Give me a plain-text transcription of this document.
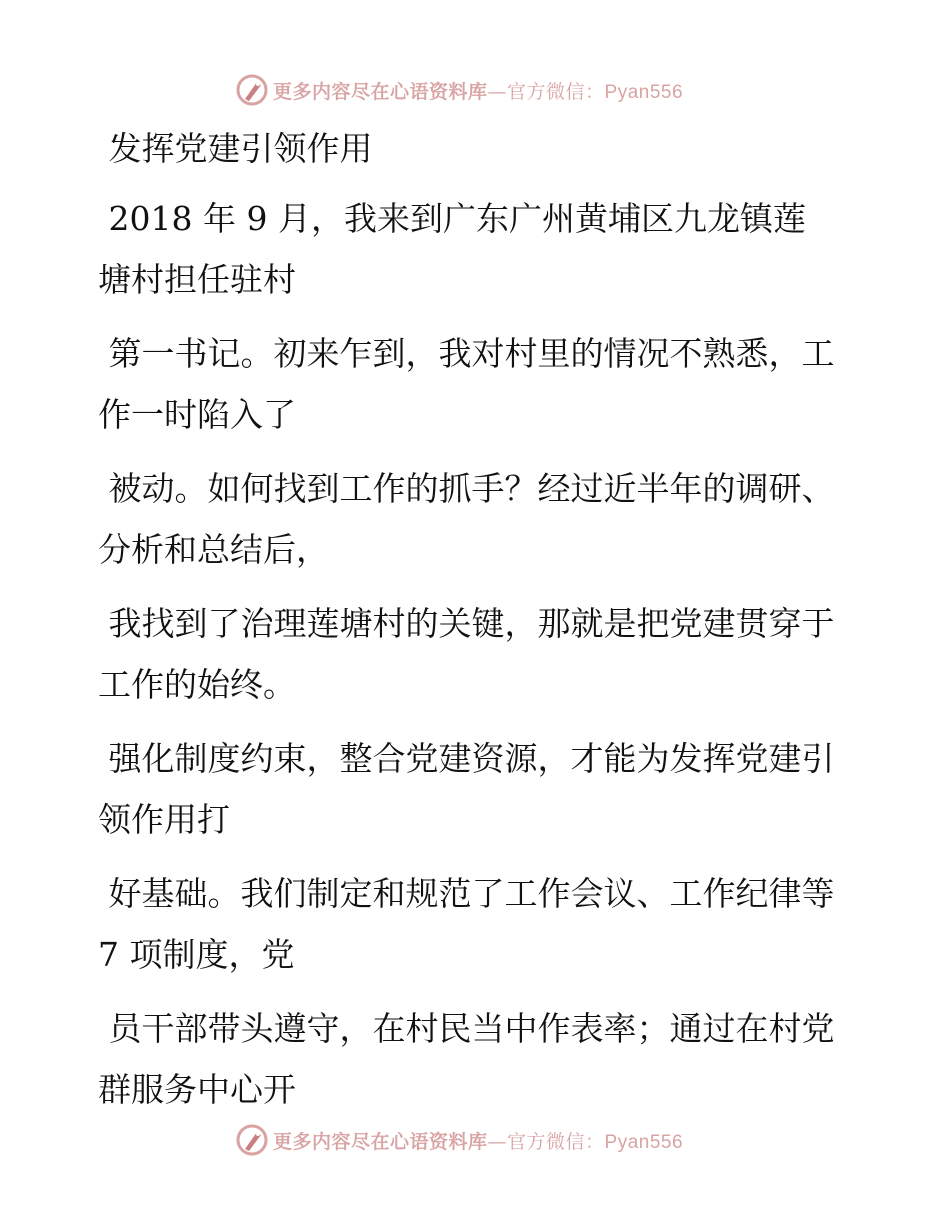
更多内容尽在心语资料库—官方微信：Pyan556

发挥党建引领作用

2018 年 9 月，我来到广东广州黄埔区九龙镇莲塘村担任驻村

第一书记。初来乍到，我对村里的情况不熟悉，工作一时陷入了

被动。如何找到工作的抓手？经过近半年的调研、分析和总结后，

我找到了治理莲塘村的关键，那就是把党建贯穿于工作的始终。

强化制度约束，整合党建资源，才能为发挥党建引领作用打

好基础。我们制定和规范了工作会议、工作纪律等 7 项制度，党

员干部带头遵守，在村民当中作表率；通过在村党群服务中心开

更多内容尽在心语资料库—官方微信：Pyan556
